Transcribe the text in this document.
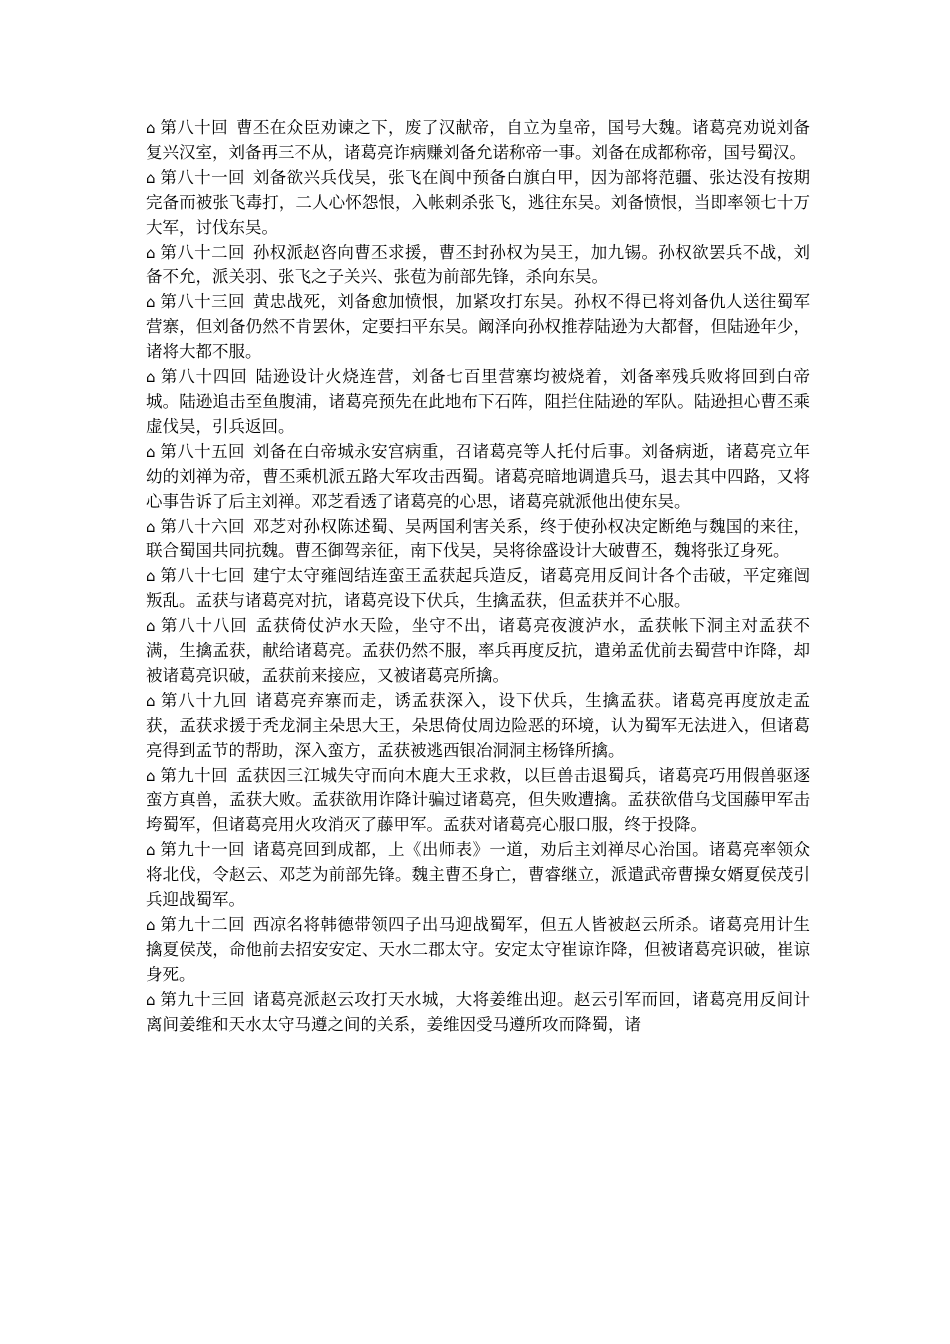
⌂ 第八十回 曹丕在众臣劝谏之下，废了汉献帝，自立为皇帝，国号大魏。诸葛亮劝说刘备复兴汉室，刘备再三不从，诸葛亮诈病赚刘备允诺称帝一事。刘备在成都称帝，国号蜀汉。

⌂ 第八十一回 刘备欲兴兵伐吴，张飞在阆中预备白旗白甲，因为部将范疆、张达没有按期完备而被张飞毒打，二人心怀怨恨，入帐刺杀张飞，逃往东吴。刘备愤恨，当即率领七十万大军，讨伐东吴。

⌂ 第八十二回 孙权派赵咨向曹丕求援，曹丕封孙权为吴王，加九锡。孙权欲罢兵不战，刘备不允，派关羽、张飞之子关兴、张苞为前部先锋，杀向东吴。

⌂ 第八十三回 黄忠战死，刘备愈加愤恨，加紧攻打东吴。孙权不得已将刘备仇人送往蜀军营寨，但刘备仍然不肯罢休，定要扫平东吴。阚泽向孙权推荐陆逊为大都督，但陆逊年少，诸将大都不服。

⌂ 第八十四回 陆逊设计火烧连营，刘备七百里营寨均被烧着，刘备率残兵败将回到白帝城。陆逊追击至鱼腹浦，诸葛亮预先在此地布下石阵，阻拦住陆逊的军队。陆逊担心曹丕乘虚伐吴，引兵返回。

⌂ 第八十五回 刘备在白帝城永安宫病重，召诸葛亮等人托付后事。刘备病逝，诸葛亮立年幼的刘禅为帝，曹丕乘机派五路大军攻击西蜀。诸葛亮暗地调遣兵马，退去其中四路，又将心事告诉了后主刘禅。邓芝看透了诸葛亮的心思，诸葛亮就派他出使东吴。

⌂ 第八十六回 邓芝对孙权陈述蜀、吴两国利害关系，终于使孙权决定断绝与魏国的来往，联合蜀国共同抗魏。曹丕御驾亲征，南下伐吴，吴将徐盛设计大破曹丕，魏将张辽身死。

⌂ 第八十七回 建宁太守雍闿结连蛮王孟获起兵造反，诸葛亮用反间计各个击破，平定雍闿叛乱。孟获与诸葛亮对抗，诸葛亮设下伏兵，生擒孟获，但孟获并不心服。

⌂ 第八十八回 孟获倚仗泸水天险，坐守不出，诸葛亮夜渡泸水，孟获帐下洞主对孟获不满，生擒孟获，献给诸葛亮。孟获仍然不服，率兵再度反抗，遣弟孟优前去蜀营中诈降，却被诸葛亮识破，孟获前来接应，又被诸葛亮所擒。

⌂ 第八十九回 诸葛亮弃寨而走，诱孟获深入，设下伏兵，生擒孟获。诸葛亮再度放走孟获，孟获求援于秃龙洞主朵思大王，朵思倚仗周边险恶的环境，认为蜀军无法进入，但诸葛亮得到孟节的帮助，深入蛮方，孟获被逃西银冶洞洞主杨锋所擒。

⌂ 第九十回 孟获因三江城失守而向木鹿大王求救，以巨兽击退蜀兵，诸葛亮巧用假兽驱逐蛮方真兽，孟获大败。孟获欲用诈降计骗过诸葛亮，但失败遭擒。孟获欲借乌戈国藤甲军击垮蜀军，但诸葛亮用火攻消灭了藤甲军。孟获对诸葛亮心服口服，终于投降。

⌂ 第九十一回 诸葛亮回到成都，上《出师表》一道，劝后主刘禅尽心治国。诸葛亮率领众将北伐，令赵云、邓芝为前部先锋。魏主曹丕身亡，曹睿继立，派遣武帝曹操女婿夏侯茂引兵迎战蜀军。

⌂ 第九十二回 西凉名将韩德带领四子出马迎战蜀军，但五人皆被赵云所杀。诸葛亮用计生擒夏侯茂，命他前去招安安定、天水二郡太守。安定太守崔谅诈降，但被诸葛亮识破，崔谅身死。

⌂ 第九十三回 诸葛亮派赵云攻打天水城，大将姜维出迎。赵云引军而回，诸葛亮用反间计离间姜维和天水太守马遵之间的关系，姜维因受马遵所攻而降蜀，诸
